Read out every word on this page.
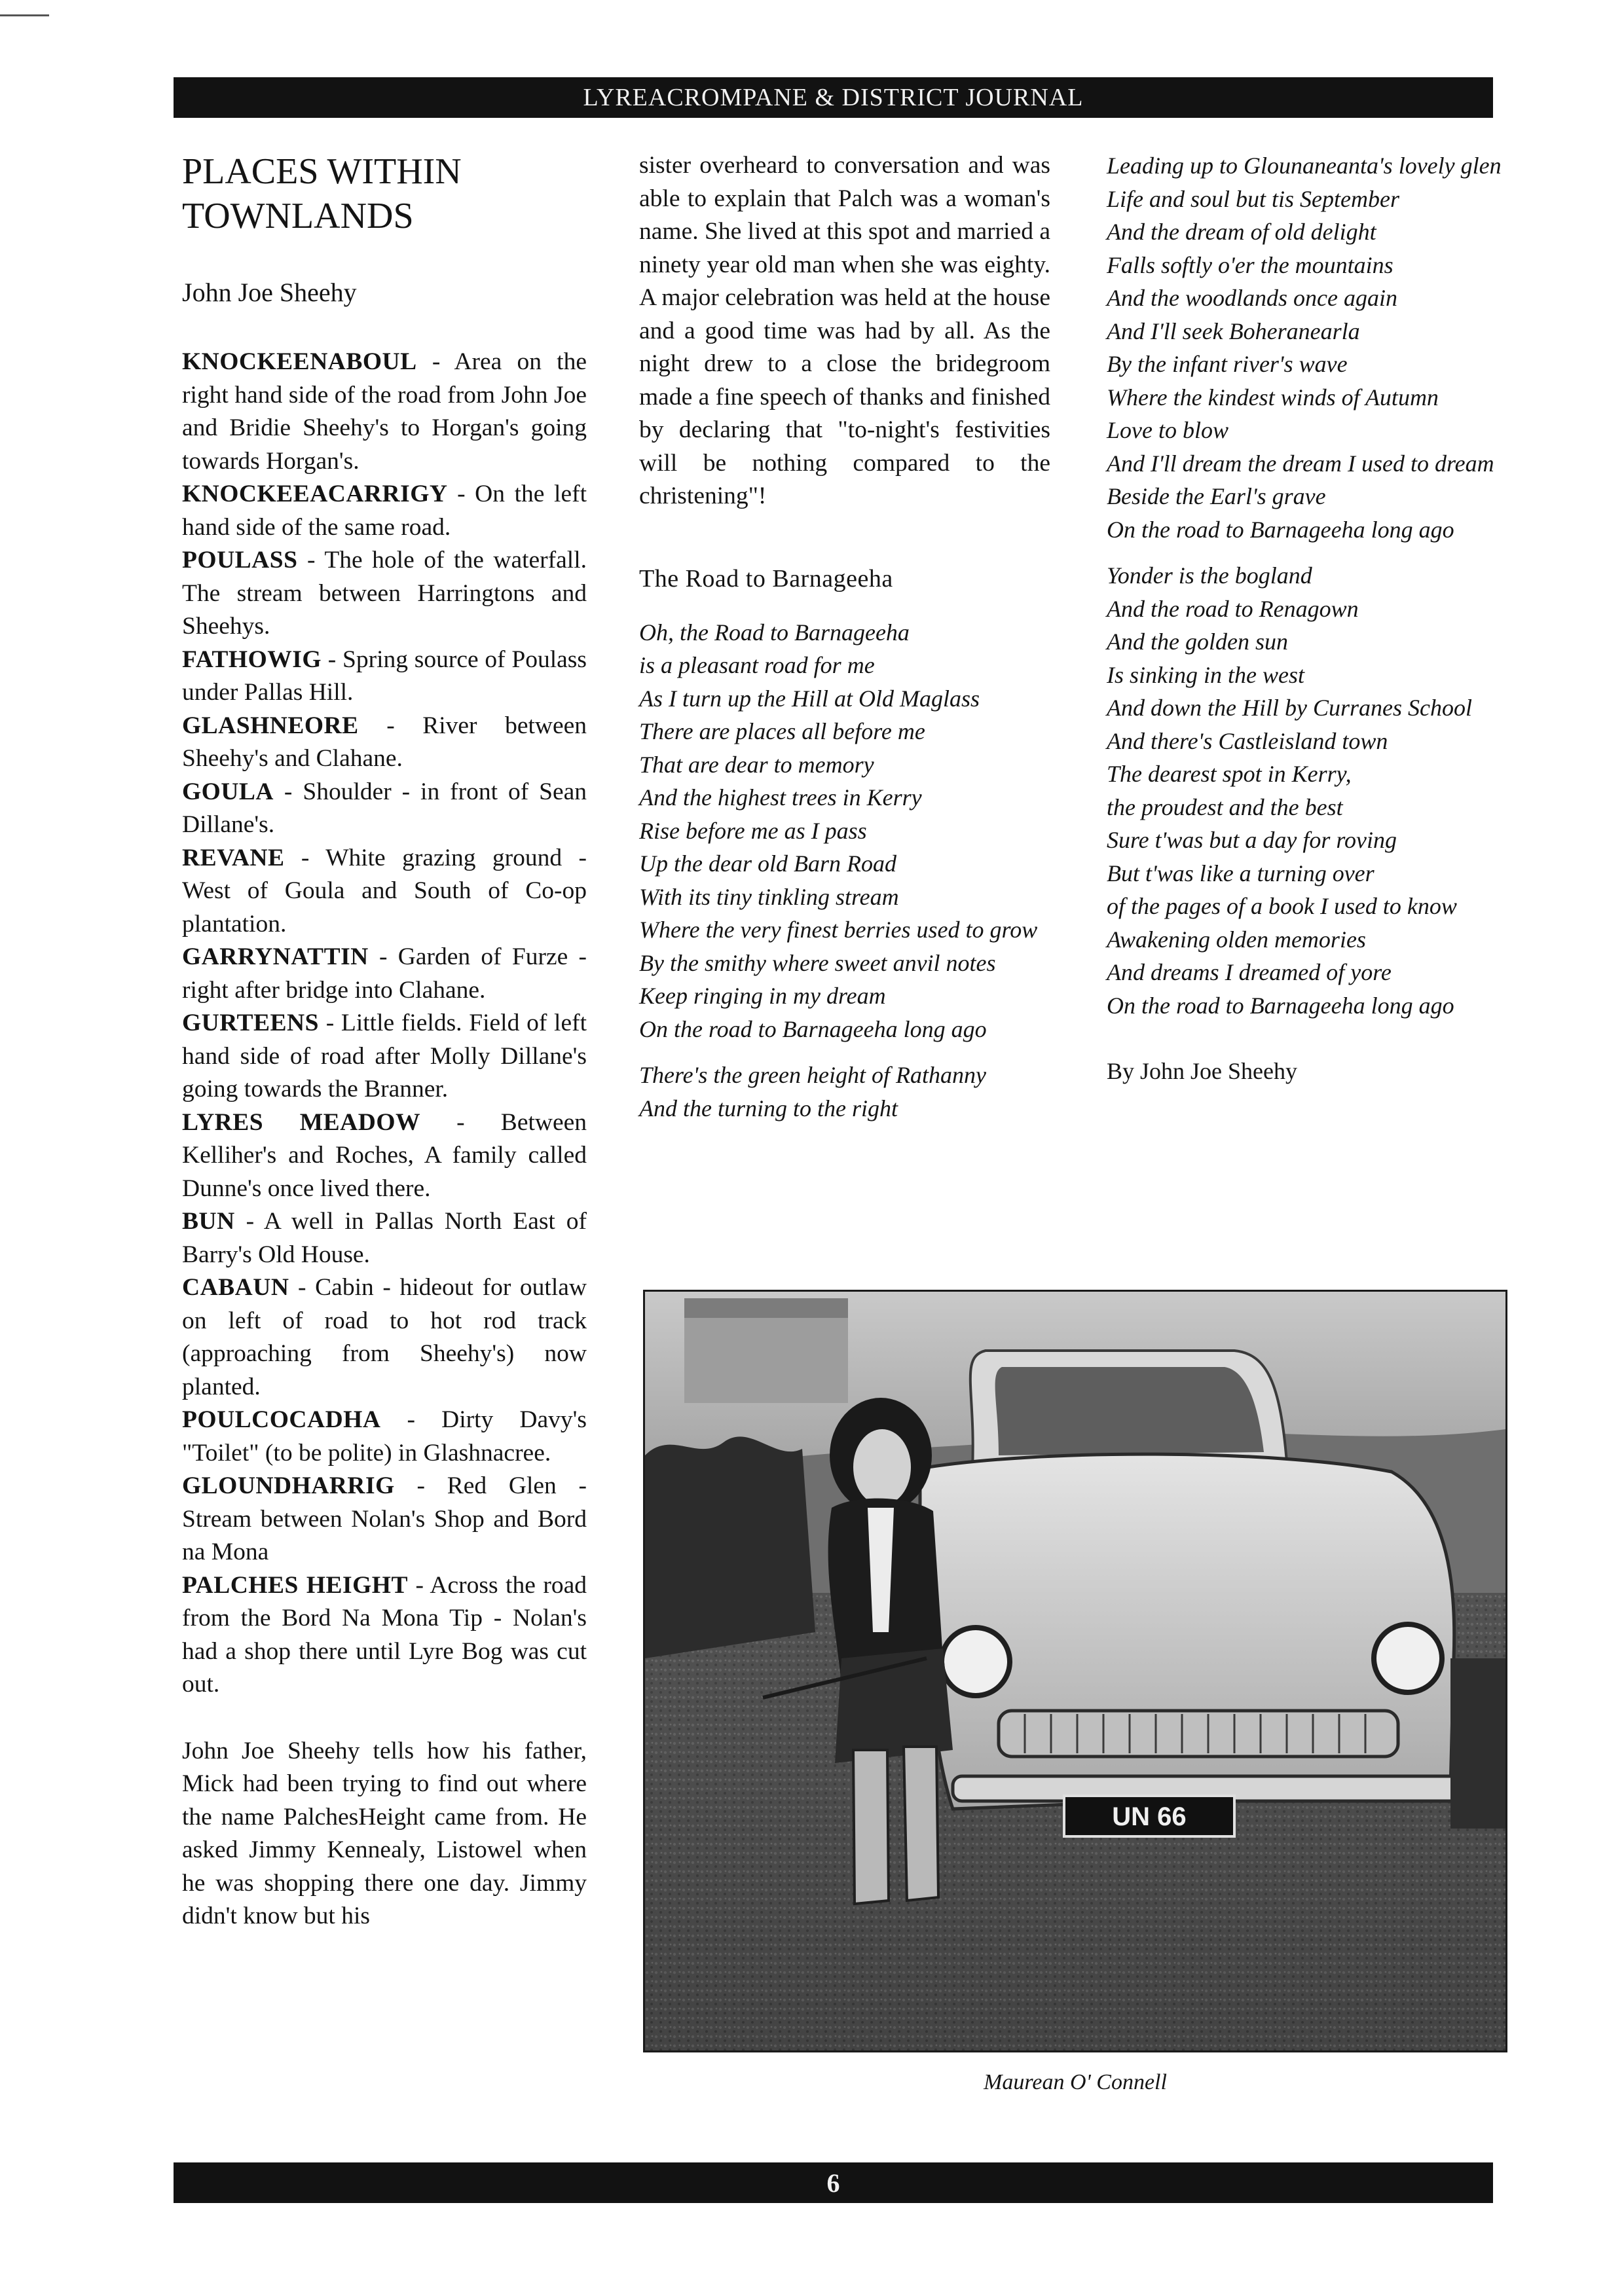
LYREACROMPANE & DISTRICT JOURNAL
PLACES WITHIN TOWNLANDS
John Joe Sheehy

KNOCKEENABOUL - Area on the right hand side of the road from John Joe and Bridie Sheehy's to Horgan's going towards Horgan's.

KNOCKEEACARRIGY - On the left hand side of the same road.

POULASS - The hole of the waterfall. The stream between Harringtons and Sheehys.

FATHOWIG - Spring source of Poulass under Pallas Hill.

GLASHNEORE - River between Sheehy's and Clahane.

GOULA - Shoulder - in front of Sean Dillane's.

REVANE - White grazing ground - West of Goula and South of Co-op plantation.

GARRYNATTIN - Garden of Furze - right after bridge into Clahane.

GURTEENS - Little fields. Field of left hand side of road after Molly Dillane's going towards the Branner.

LYRES MEADOW - Between Kelliher's and Roches, A family called Dunne's once lived there.

BUN - A well in Pallas North East of Barry's Old House.

CABAUN - Cabin - hideout for outlaw on left of road to hot rod track (approaching from Sheehy's) now planted.

POULCOCADHA - Dirty Davy's "Toilet" (to be polite) in Glashnacree.

GLOUNDHARRIG - Red Glen - Stream between Nolan's Shop and Bord na Mona

PALCHES HEIGHT - Across the road from the Bord Na Mona Tip - Nolan's had a shop there until Lyre Bog was cut out.

John Joe Sheehy tells how his father, Mick had been trying to find out where the name PalchesHeight came from. He asked Jimmy Kennealy, Listowel when he was shopping there one day. Jimmy didn't know but his

sister overheard to conversation and was able to explain that Palch was a woman's name. She lived at this spot and married a ninety year old man when she was eighty. A major celebration was held at the house and a good time was had by all. As the night drew to a close the bridegroom made a fine speech of thanks and finished by declaring that "to-night's festivities will be nothing compared to the christening"!

The Road to Barnageeha
Oh, the Road to Barnageeha
is a pleasant road for me
As I turn up the Hill at Old Maglass
There are places all before me
That are dear to memory
And the highest trees in Kerry
Rise before me as I pass
Up the dear old Barn Road
With its tiny tinkling stream
Where the very finest berries used to grow
By the smithy where sweet anvil notes
Keep ringing in my dream
On the road to Barnageeha long ago
There's the green height of Rathanny
And the turning to the right
Leading up to Glounaneanta's lovely glen
Life and soul but tis September
And the dream of old delight
Falls softly o'er the mountains
And the woodlands once again
And I'll seek Boheranearla
By the infant river's wave
Where the kindest winds of Autumn
Love to blow
And I'll dream the dream I used to dream
Beside the Earl's grave
On the road to Barnageeha long ago
Yonder is the bogland
And the road to Renagown
And the golden sun
Is sinking in the west
And down the Hill by Curranes School
And there's Castleisland town
The dearest spot in Kerry,
the proudest and the best
Sure t'was but a day for roving
But t'was like a turning over
of the pages of a book I used to know
Awakening olden memories
And dreams I dreamed of yore
On the road to Barnageeha long ago
By John Joe Sheehy
UN 66
Maurean O' Connell
6
